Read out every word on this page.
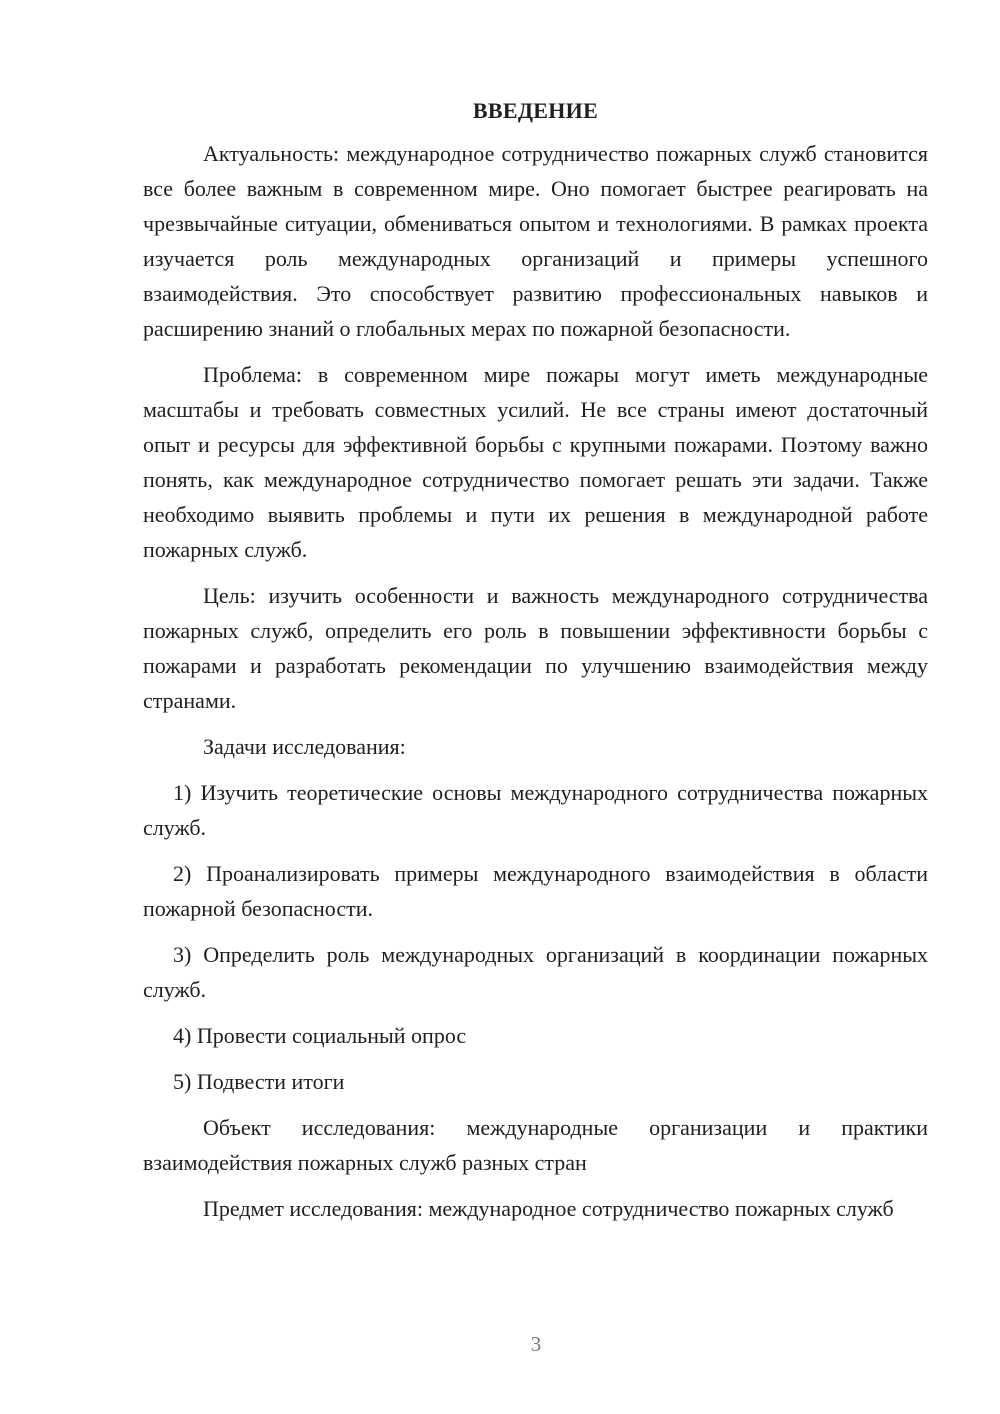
ВВЕДЕНИЕ

Актуальность: международное сотрудничество пожарных служб становится все более важным в современном мире. Оно помогает быстрее реагировать на чрезвычайные ситуации, обмениваться опытом и технологиями. В рамках проекта изучается роль международных организаций и примеры успешного взаимодействия. Это способствует развитию профессиональных навыков и расширению знаний о глобальных мерах по пожарной безопасности.

Проблема: в современном мире пожары могут иметь международные масштабы и требовать совместных усилий. Не все страны имеют достаточный опыт и ресурсы для эффективной борьбы с крупными пожарами. Поэтому важно понять, как международное сотрудничество помогает решать эти задачи. Также необходимо выявить проблемы и пути их решения в международной работе пожарных служб.

Цель: изучить особенности и важность международного сотрудничества пожарных служб, определить его роль в повышении эффективности борьбы с пожарами и разработать рекомендации по улучшению взаимодействия между странами.

Задачи исследования:

1) Изучить теоретические основы международного сотрудничества пожарных служб.

2) Проанализировать примеры международного взаимодействия в области пожарной безопасности.

3) Определить роль международных организаций в координации пожарных служб.

4) Провести социальный опрос

5) Подвести итоги

Объект исследования: международные организации и практики взаимодействия пожарных служб разных стран

Предмет исследования: международное сотрудничество пожарных служб

3
